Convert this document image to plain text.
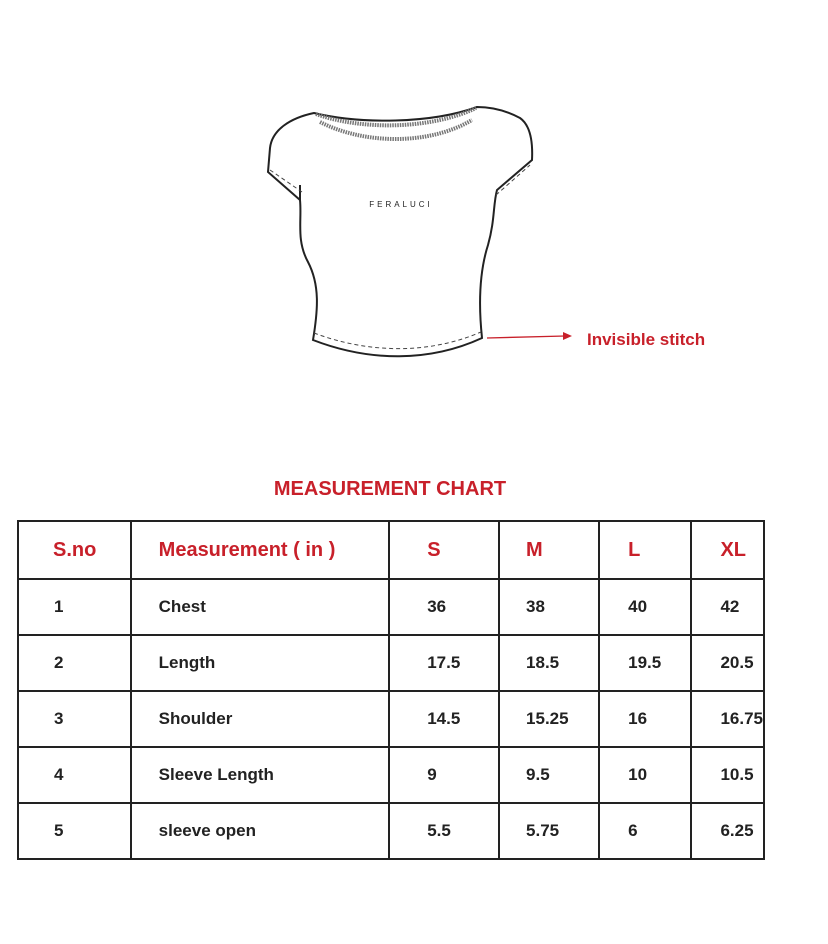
FERALUCI
Invisible stitch
MEASUREMENT CHART
S.no	Measurement ( in )	S	M	L	XL
1	Chest	36	38	40	42
2	Length	17.5	18.5	19.5	20.5
3	Shoulder	14.5	15.25	16	16.75
4	Sleeve Length	9	9.5	10	10.5
5	sleeve open	5.5	5.75	6	6.25
